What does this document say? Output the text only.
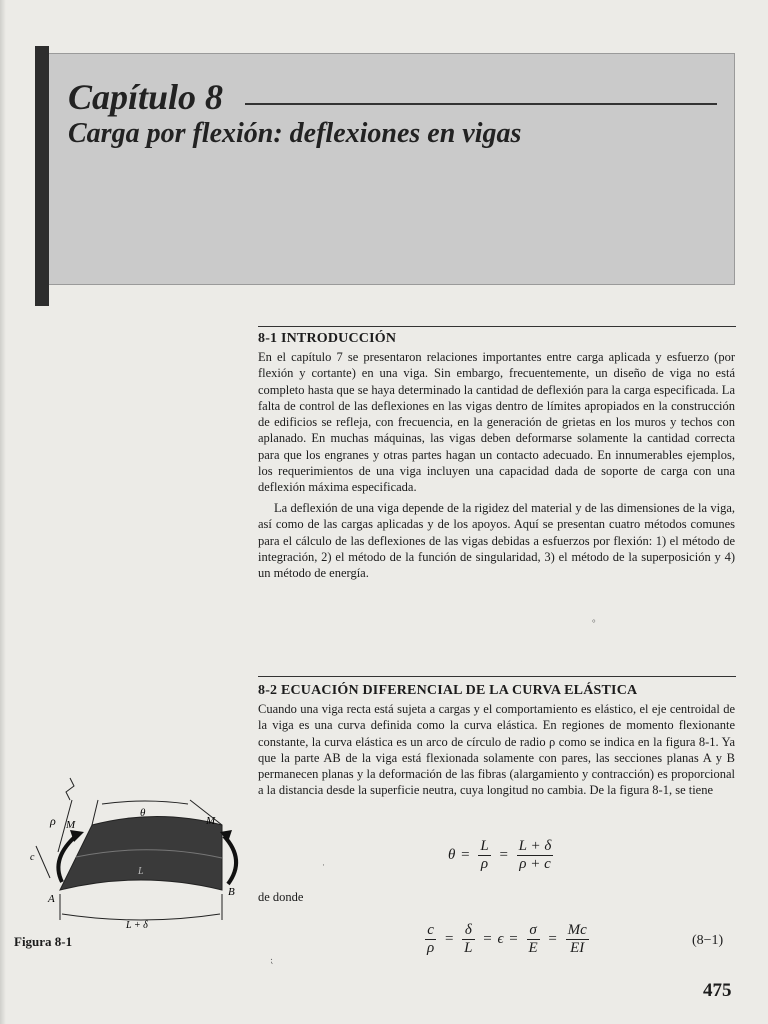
Capítulo 8
Carga por flexión: deflexiones en vigas
8-1 INTRODUCCIÓN

En el capítulo 7 se presentaron relaciones importantes entre carga aplicada y esfuerzo (por flexión y cortante) en una viga. Sin embargo, frecuentemente, un diseño de viga no está completo hasta que se haya determinado la cantidad de deflexión para la carga especificada. La falta de control de las deflexiones en las vigas dentro de límites apropiados en la construcción de edificios se refleja, con frecuencia, en la generación de grietas en los muros y techos con aplanado. En muchas máquinas, las vigas deben deformarse solamente la cantidad correcta para que los engranes y otras partes hagan un contacto adecuado. En innumerables ejemplos, los requerimientos de una viga incluyen una capacidad dada de soporte de carga con una deflexión máxima especificada.

La deflexión de una viga depende de la rigidez del material y de las dimensiones de la viga, así como de las cargas aplicadas y de los apoyos. Aquí se presentan cuatro métodos comunes para el cálculo de las deflexiones de las vigas debidas a esfuerzos por flexión: 1) el método de integración, 2) el método de la función de singularidad, 3) el método de la superposición y 4) un método de energía.

°
8-2 ECUACIÓN DIFERENCIAL DE LA CURVA ELÁSTICA

Cuando una viga recta está sujeta a cargas y el comportamiento es elástico, el eje centroidal de la viga es una curva definida como la curva elástica. En regiones de momento flexionante constante, la curva elástica es un arco de círculo de radio ρ como se indica en la figura 8-1. Ya que la parte AB de la viga está flexionada solamente con pares, las secciones planas A y B permanecen planas y la deformación de las fibras (alargamiento y contracción) es proporcional a la distancia desde la superficie neutra, cuya longitud no cambia. De la figura 8-1, se tiene

$\theta = \frac{L}{\rho} = \frac{L + \delta}{\rho + c}$
de donde
$\frac{c}{\rho} = \frac{\delta}{L} = \epsilon = \frac{\sigma}{E} = \frac{Mc}{EI}$	(8−1)
θ
ρ
c
M	M
L
A
B
L + δ
Figura 8-1
·
⁏
475
